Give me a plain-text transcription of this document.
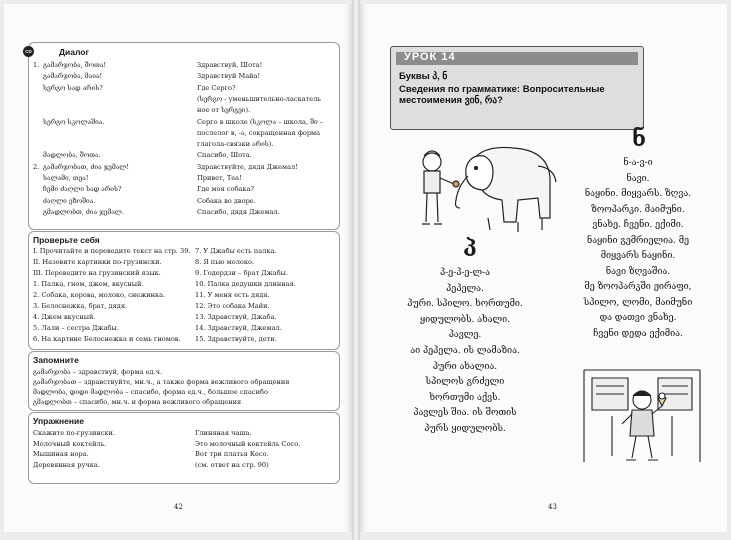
CD	Диалог
1. გამარჯობა, შოთა!	Здравствуй, Шота!
გამარჯობა, მაია!	Здравствуй Майа!
სერგო სად არის?	Где Серго?
(სერგო - уменьшительно-ласкатель
ное от სერგეი).
სერგო სკოლაშია.	Серго в школе (სკოლა – школа, ში –
послелог в, -ა, сокращенная форма
глагола-связки არის).
მადლობა, შოთა.	Спасибо, Шота.
2. გამარჯობათ, ძია ჯემალ!	Здравствуйте, дядя Джемал!
სალამი, თეა!	Привет, Теа!
ჩემი ძაღლი სად არის?	Где моя собака?
ძაღლი ეზოშია.	Собака во дворе.
გმადლობთ, ძია ჯემალ.	Спасибо, дядя Джемал.
Проверьте себя
I. Прочитайте и переведите текст на стр. 39.
II. Назовите картинки по-грузински.
III. Переведите на грузинский язык.
1. Палка, гном, джем, вкусный.
2. Собака, корова, молоко, снежинка.
3. Белоснежка, брат, дядя.
4. Джем вкусный.
5. Лали – сестра Джабы.
6. На картине Белоснежка и семь гномов.
7. У Джабы есть палка.
8. Я пью молоко.
9. Годердзи – брат Джабы.
10. Палка дедушки длинная.
11. У меня есть дядя.
12. Это собака Майи.
13. Здравствуй, Джаба.
14. Здравствуй, Джемал.
15. Здравствуйте, дети.
Запомните
გამარჯობა – здравствуй, форма ед.ч.
გამარჯობათ – здравствуйте, мн.ч., а также форма вежливого обращения
მადლობა, დიდი მადლობა – спасибо, форма ед.ч., большое спасибо
გმადლობთ – спасибо, мн.ч. и форма вежливого обращения
Упражнение
Скажите по-грузински.
Молочный коктейль.
Мышиная нора.
Деревянная ручка.
Глиняная чаша.
Это молочный коктейль Сосо.
Вот три платья Кесо.
(см. ответ на стр. 90)
42
УРОК 14
Буквы პ, ნ
Сведения по грамматике: Вопросительные
местоимения ვინ, რა?
პ
პ-ე-პ-ე-ლ-ა
პეპელა.
პური. სპილო. ხორთუმი.
ყიდულობს. ახალი.
პავლე.
აი პეპელა. ის ლამაზია.
პური ახალია.
სპილოს გრძელი
ხორთუმი აქვს.
პავლეს შია. ის შოთის
პურს ყიდულობს.
ნ
ნ-ა-ვ-ი
ნავი.
ნაყინი. მიყვარს. ზღვა.
ზოოპარკი. მაიმუნი.
ვნახე. ჩვენი. ექიმი.
ნაყინი გემრიელია. მე
მიყვარს ნაყინი.
ნავი ზღვაშია.
მე ზოოპარკში ჟირაფი,
სპილო, ლომი, მაიმუნი
და დათვი ვნახე.
ჩვენი დედა ექიმია.
43
